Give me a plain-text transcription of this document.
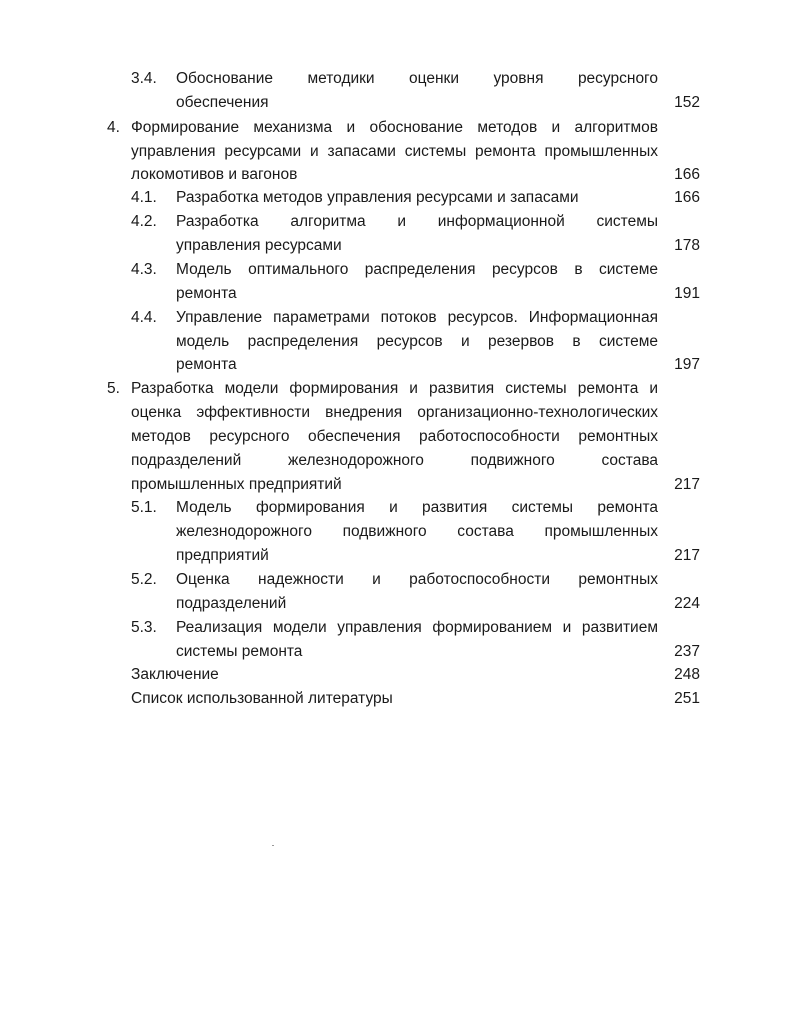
3.4. Обоснование методики оценки уровня ресурсного
обеспечения	152
4. Формирование механизма и обоснование методов и алгоритмов
управления ресурсами и запасами системы ремонта промышленных
локомотивов и вагонов	166
4.1. Разработка методов управления ресурсами и запасами	166
4.2. Разработка алгоритма и информационной системы
управления ресурсами	178
4.3. Модель оптимального распределения ресурсов в системе
ремонта	191
4.4. Управление параметрами потоков ресурсов. Информационная
модель распределения ресурсов и резервов в системе
ремонта	197
5. Разработка модели формирования и развития системы ремонта и
оценка эффективности внедрения организационно-технологических
методов ресурсного обеспечения работоспособности ремонтных
подразделений железнодорожного подвижного состава
промышленных предприятий	217
5.1. Модель формирования и развития системы ремонта
железнодорожного подвижного состава промышленных
предприятий	217
5.2. Оценка надежности и работоспособности ремонтных
подразделений	224
5.3. Реализация модели управления формированием и развитием
системы ремонта	237
Заключение	248
Список использованной литературы	251
